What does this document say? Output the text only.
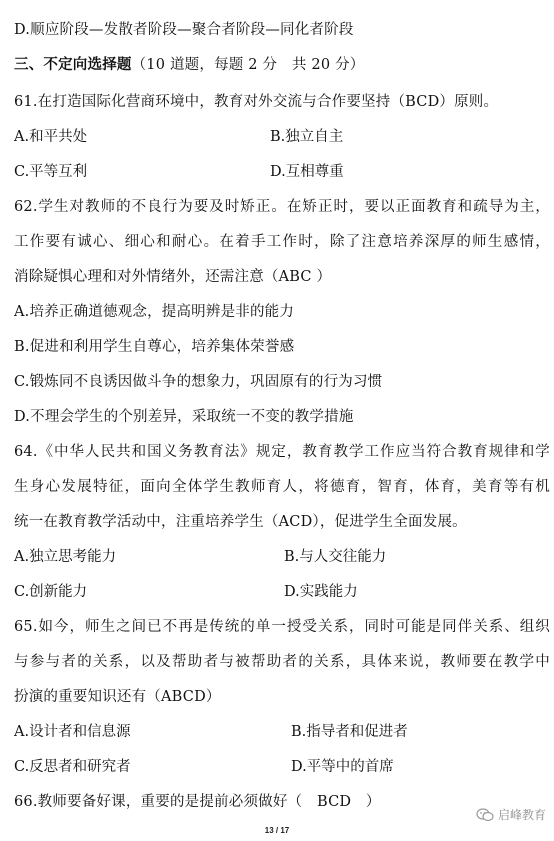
D.顺应阶段—发散者阶段—聚合者阶段—同化者阶段
三、不定向选择题（10 道题，每题 2 分　共 20 分）
61.在打造国际化营商环境中，教育对外交流与合作要坚持（BCD）原则。
A.和平共处	B.独立自主
C.平等互利	D.互相尊重
62.学生对教师的不良行为要及时矫正。在矫正时，要以正面教育和疏导为主，
工作要有诚心、细心和耐心。在着手工作时，除了注意培养深厚的师生感情，
消除疑惧心理和对外情绪外，还需注意（ABC ）
A.培养正确道德观念，提高明辨是非的能力
B.促进和利用学生自尊心，培养集体荣誉感
C.锻炼同不良诱因做斗争的想象力，巩固原有的行为习惯
D.不理会学生的个别差异，采取统一不变的教学措施
64.《中华人民共和国义务教育法》规定，教育教学工作应当符合教育规律和学
生身心发展特征，面向全体学生教师育人，将德育，智育，体育，美育等有机
统一在教育教学活动中，注重培养学生（ACD），促进学生全面发展。
A.独立思考能力	B.与人交往能力
C.创新能力	D.实践能力
65.如今，师生之间已不再是传统的单一授受关系，同时可能是同伴关系、组织
与参与者的关系，以及帮助者与被帮助者的关系，具体来说，教师要在教学中
扮演的重要知识还有（ABCD）
A.设计者和信息源	B.指导者和促进者
C.反思者和研究者	D.平等中的首席
66.教师要备好课，重要的是提前必须做好（　BCD　）
启峰教育
13 / 17
